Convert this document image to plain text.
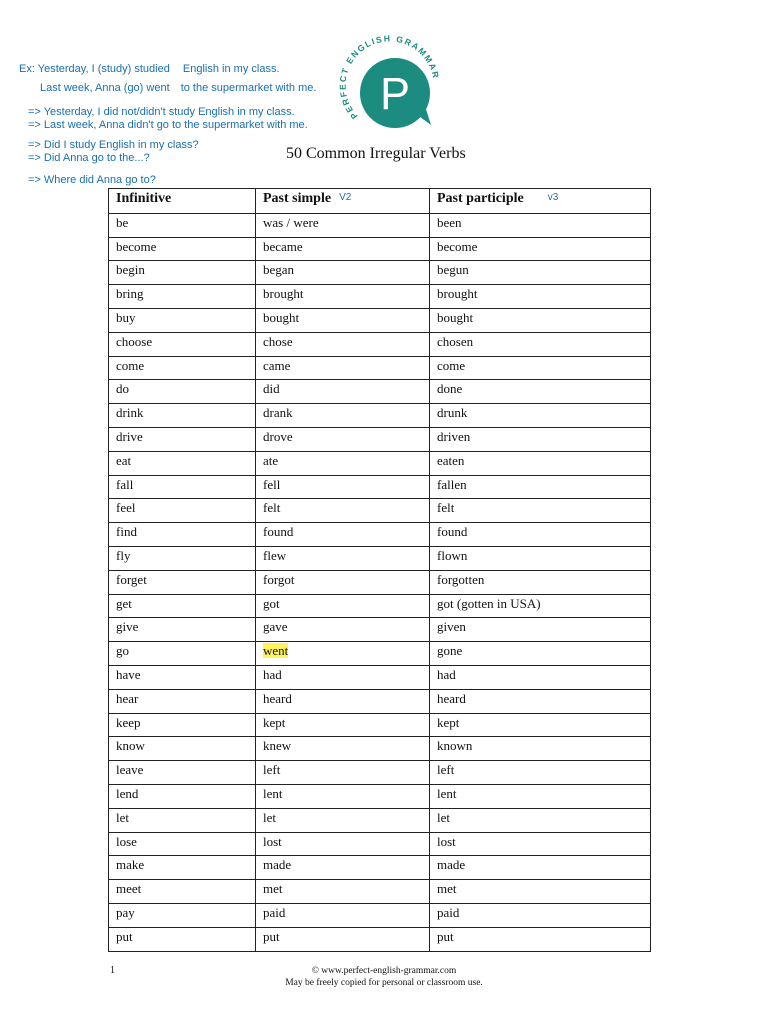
Ex: Yesterday, I (study) studied English in my class.
Last week, Anna (go) went to the supermarket with me.
=> Yesterday, I did not/didn't study English in my class.
=> Last week, Anna didn't go to the supermarket with me.
=> Did I study English in my class?
=> Did Anna go to the...?
=> Where did Anna go to?
PERFECT ENGLISH GRAMMAR
P
50 Common Irregular Verbs
Infinitive	Past simple V2	Past participle v3
be	was / were	been
become	became	become
begin	began	begun
bring	brought	brought
buy	bought	bought
choose	chose	chosen
come	came	come
do	did	done
drink	drank	drunk
drive	drove	driven
eat	ate	eaten
fall	fell	fallen
feel	felt	felt
find	found	found
fly	flew	flown
forget	forgot	forgotten
get	got	got (gotten in USA)
give	gave	given
go	went	gone
have	had	had
hear	heard	heard
keep	kept	kept
know	knew	known
leave	left	left
lend	lent	lent
let	let	let
lose	lost	lost
make	made	made
meet	met	met
pay	paid	paid
put	put	put
1	© www.perfect-english-grammar.com
May be freely copied for personal or classroom use.
